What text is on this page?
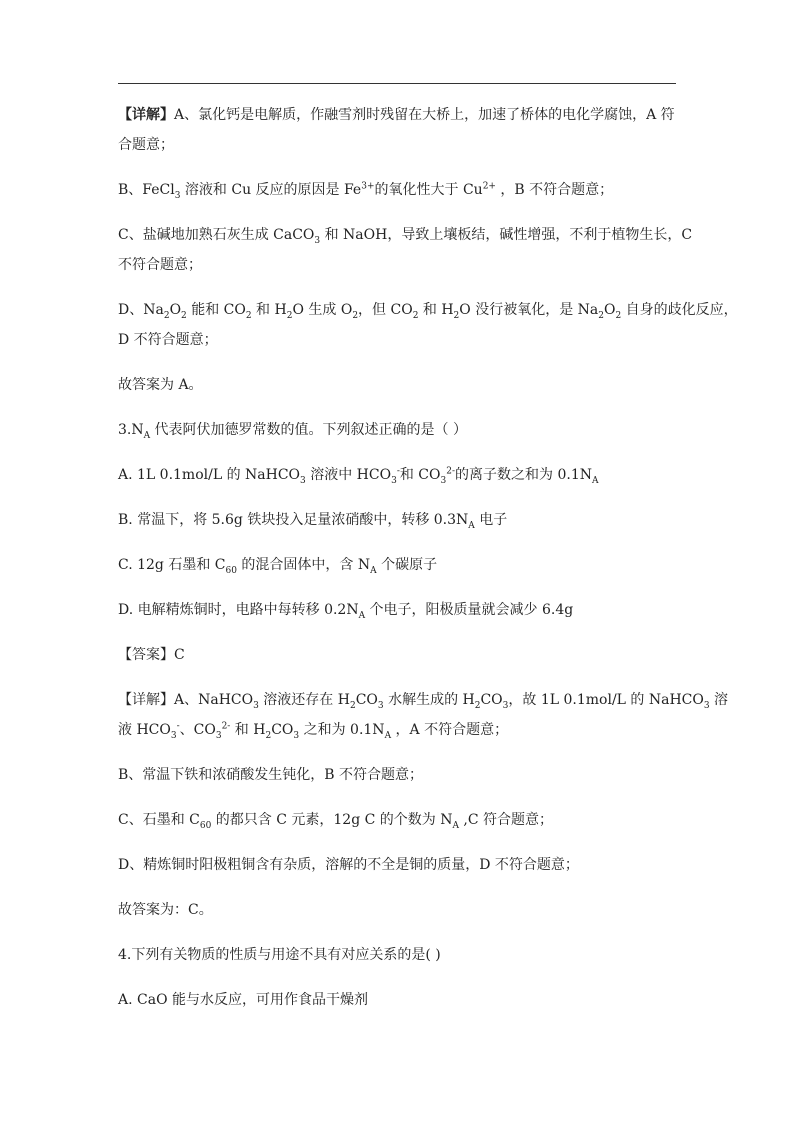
【详解】A、氯化钙是电解质，作融雪剂时残留在大桥上，加速了桥体的电化学腐蚀，A 符
合题意；
B、FeCl$_3$ 溶液和 Cu 反应的原因是 $Fe^{3+}$的氧化性大于 $Cu^{2+}$ ，B 不符合题意；
C、盐碱地加熟石灰生成 CaCO$_3$ 和 NaOH，导致上壤板结，碱性增强，不利于植物生长，C
不符合题意；
D、$Na_2O_2$ 能和 $CO_2$ 和 $H_2O$ 生成 $O_2$，但 $CO_2$ 和 $H_2O$ 没行被氧化，是 $Na_2O_2$ 自身的歧化反应，
D 不符合题意；
故答案为 A。
$3.N_A$ 代表阿伏加德罗常数的值。下列叙述正确的是（ ）
A. 1L 0.1mol/L 的 NaHCO$_3$ 溶液中 $HCO_3^-$和 $CO_3^{2-}$的离子数之和为 $0.1N_A$
B. 常温下，将 5.6g 铁块投入足量浓硝酸中，转移 $0.3N_A$ 电子
C. 12g 石墨和 $C_{60}$ 的混合固体中，含 $N_A$ 个碳原子
D. 电解精炼铜时，电路中每转移 $0.2N_A$ 个电子，阳极质量就会减少 6.4g
【答案】C
【详解】A、NaHCO$_3$ 溶液还存在 $H_2CO_3$ 水解生成的 $H_2CO_3$，故 1L 0.1mol/L 的 NaHCO$_3$ 溶
液 $HCO_3^-$、$CO_3^{2-}$ 和 $H_2CO_3$ 之和为 $0.1N_A$ ，A 不符合题意；
B、常温下铁和浓硝酸发生钝化，B 不符合题意；
C、石墨和 $C_{60}$ 的都只含 C 元素，12g C 的个数为 $N_A$ ,C 符合题意；
D、精炼铜时阳极粗铜含有杂质，溶解的不全是铜的质量，D 不符合题意；
故答案为：C。
4.下列有关物质的性质与用途不具有对应关系的是( )
A. CaO 能与水反应，可用作食品干燥剂
